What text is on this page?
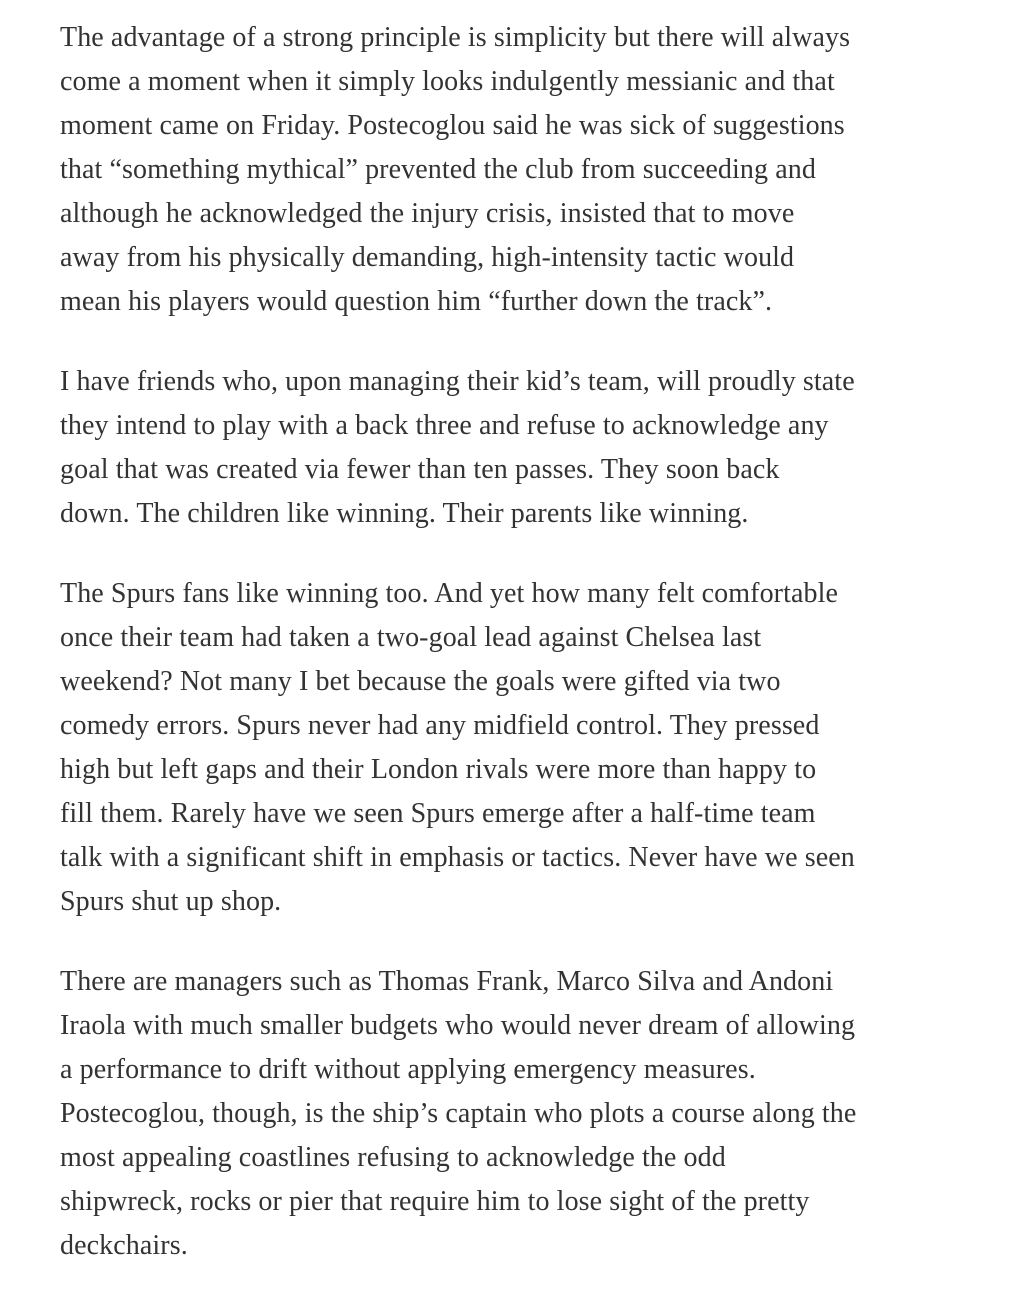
The advantage of a strong principle is simplicity but there will always
come a moment when it simply looks indulgently messianic and that
moment came on Friday. Postecoglou said he was sick of suggestions
that “something mythical” prevented the club from succeeding and
although he acknowledged the injury crisis, insisted that to move
away from his physically demanding, high-intensity tactic would
mean his players would question him “further down the track”.

I have friends who, upon managing their kid’s team, will proudly state
they intend to play with a back three and refuse to acknowledge any
goal that was created via fewer than ten passes. They soon back
down. The children like winning. Their parents like winning.

The Spurs fans like winning too. And yet how many felt comfortable
once their team had taken a two-goal lead against Chelsea last
weekend? Not many I bet because the goals were gifted via two
comedy errors. Spurs never had any midfield control. They pressed
high but left gaps and their London rivals were more than happy to
fill them. Rarely have we seen Spurs emerge after a half-time team
talk with a significant shift in emphasis or tactics. Never have we seen
Spurs shut up shop.

There are managers such as Thomas Frank, Marco Silva and Andoni
Iraola with much smaller budgets who would never dream of allowing
a performance to drift without applying emergency measures.
Postecoglou, though, is the ship’s captain who plots a course along the
most appealing coastlines refusing to acknowledge the odd
shipwreck, rocks or pier that require him to lose sight of the pretty
deckchairs.
